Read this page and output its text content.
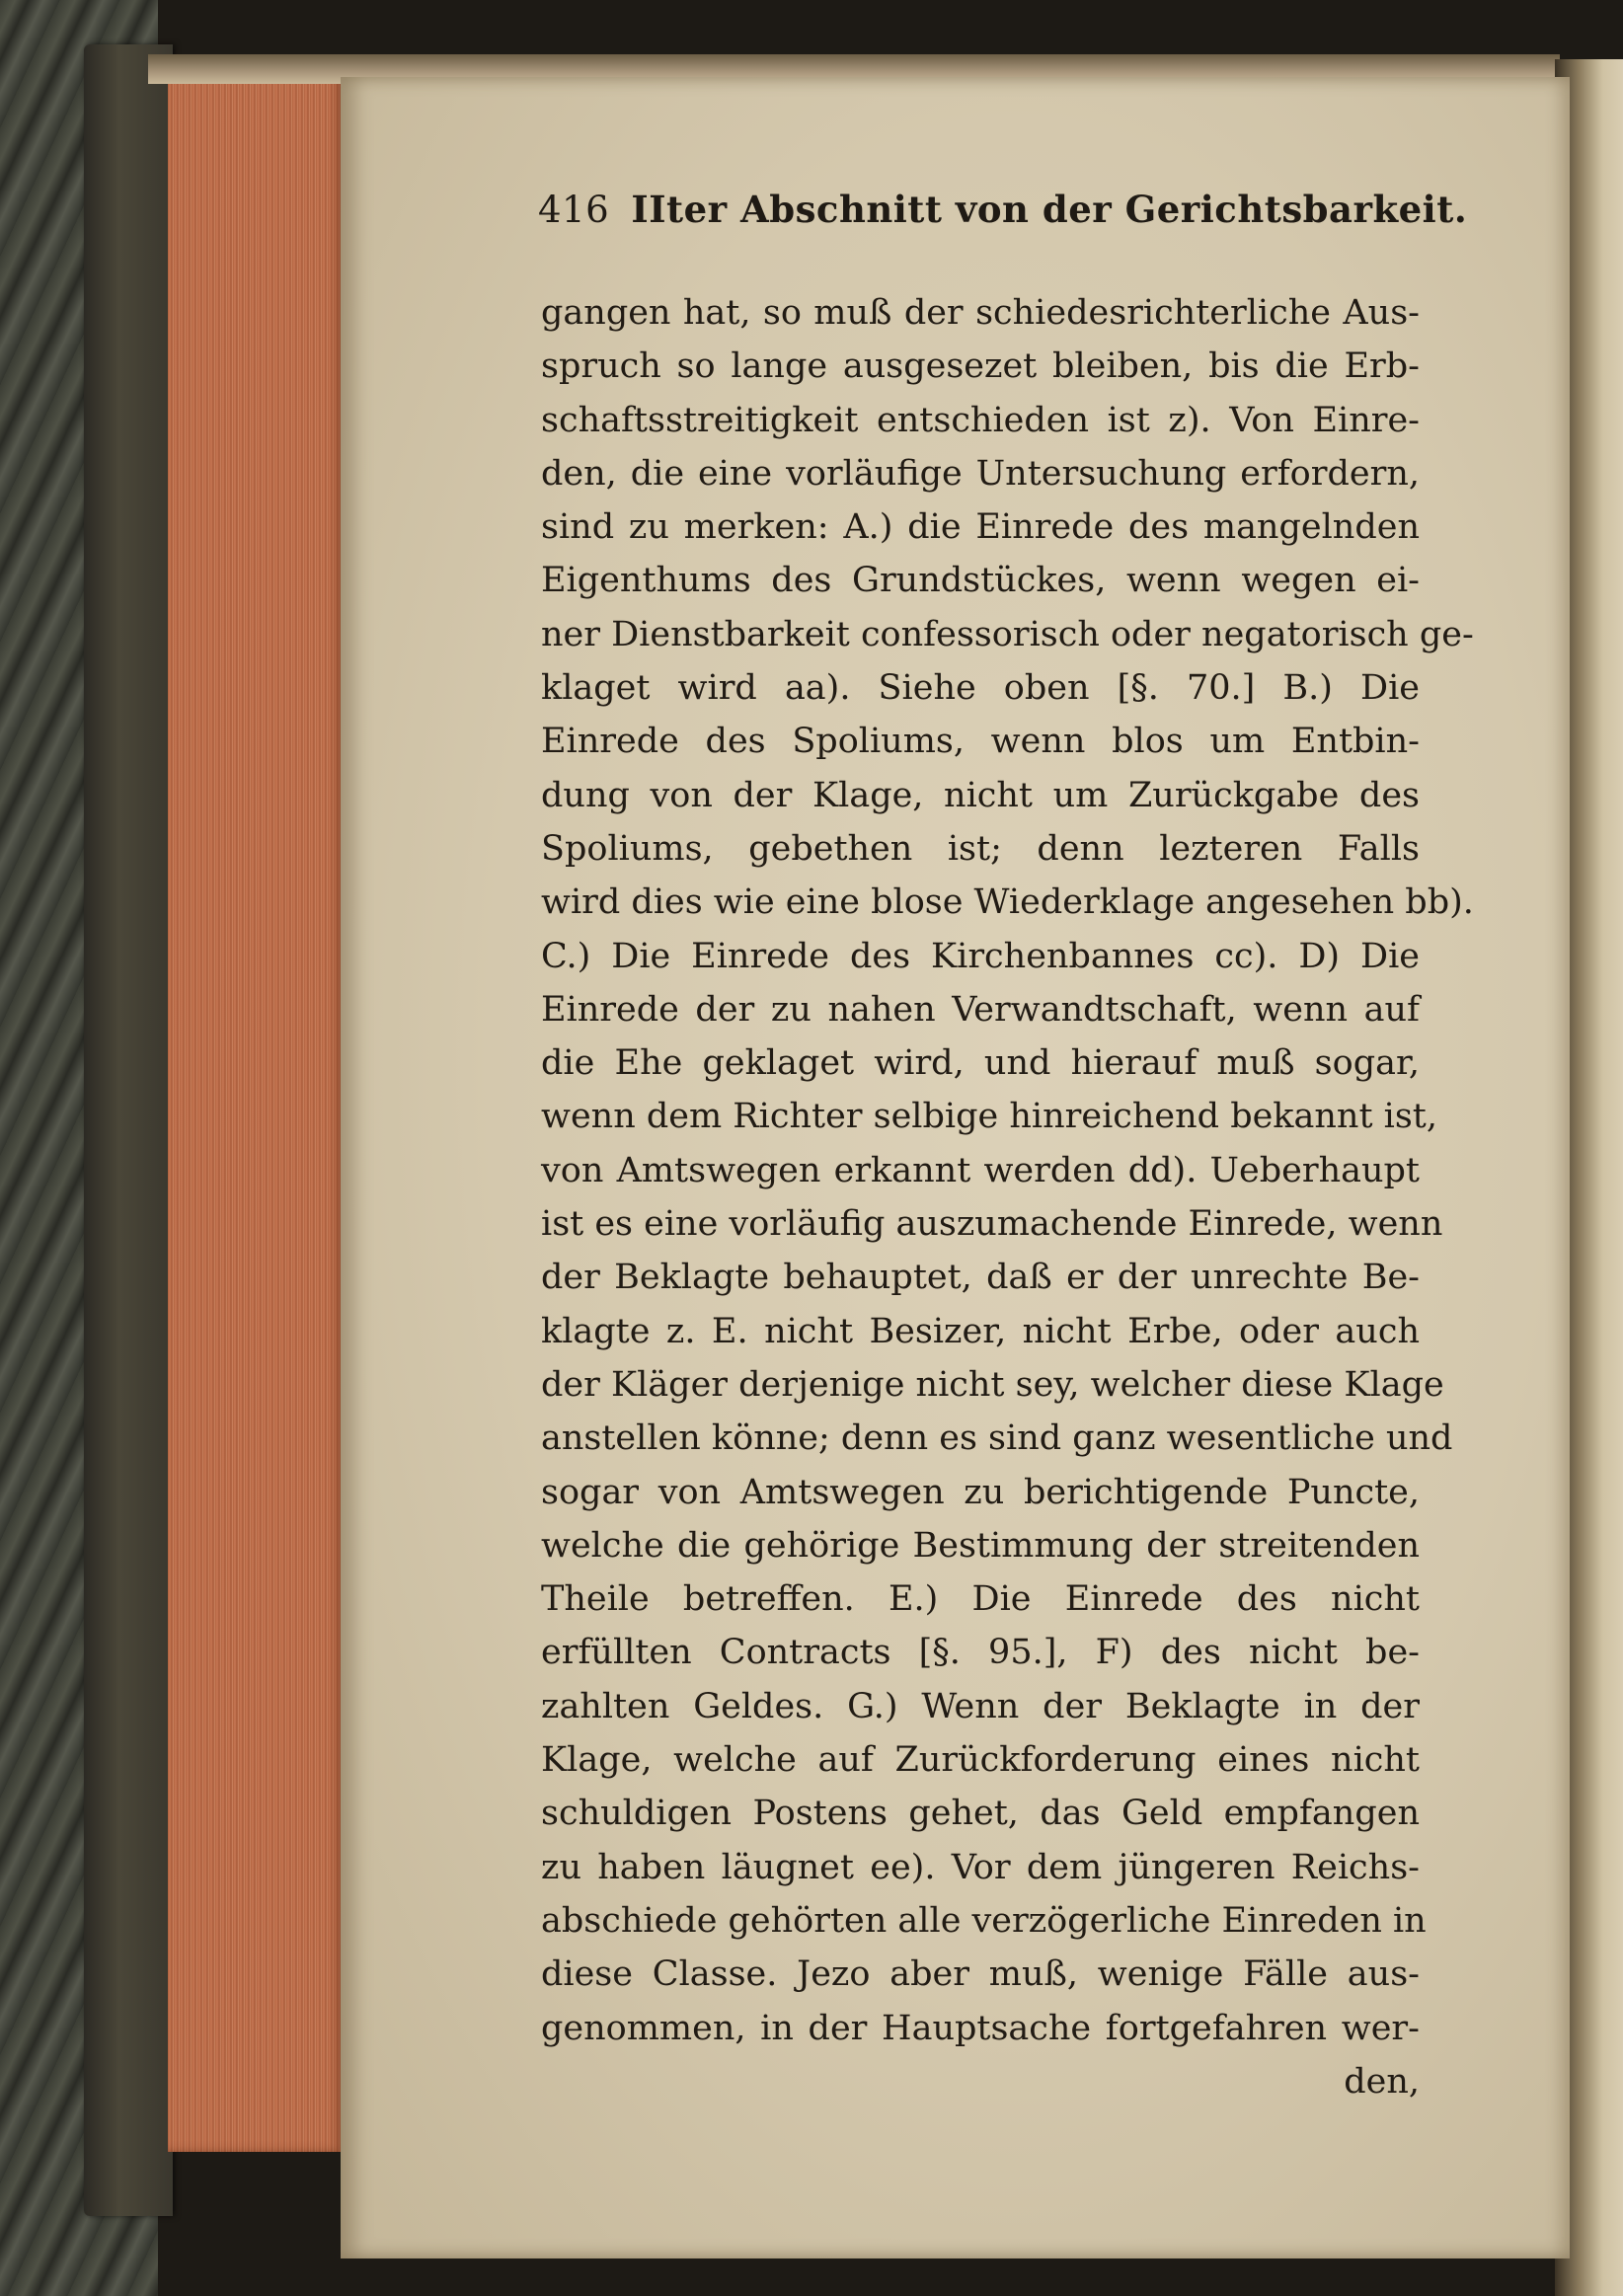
416 IIter Abschnitt von der Gerichtsbarkeit.
gangen hat, so muß der schiedesrichterliche Aus-
spruch so lange ausgesezet bleiben, bis die Erb-
schaftsstreitigkeit entschieden ist z). Von Einre-
den, die eine vorläufige Untersuchung erfordern,
sind zu merken: A.) die Einrede des mangelnden
Eigenthums des Grundstückes, wenn wegen ei-
ner Dienstbarkeit confessorisch oder negatorisch ge-
klaget wird aa). Siehe oben [§. 70.] B.) Die
Einrede des Spoliums, wenn blos um Entbin-
dung von der Klage, nicht um Zurückgabe des
Spoliums, gebethen ist; denn lezteren Falls
wird dies wie eine blose Wiederklage angesehen bb).
C.) Die Einrede des Kirchenbannes cc). D) Die
Einrede der zu nahen Verwandtschaft, wenn auf
die Ehe geklaget wird, und hierauf muß sogar,
wenn dem Richter selbige hinreichend bekannt ist,
von Amtswegen erkannt werden dd). Ueberhaupt
ist es eine vorläufig auszumachende Einrede, wenn
der Beklagte behauptet, daß er der unrechte Be-
klagte z. E. nicht Besizer, nicht Erbe, oder auch
der Kläger derjenige nicht sey, welcher diese Klage
anstellen könne; denn es sind ganz wesentliche und
sogar von Amtswegen zu berichtigende Puncte,
welche die gehörige Bestimmung der streitenden
Theile betreffen. E.) Die Einrede des nicht
erfüllten Contracts [§. 95.], F) des nicht be-
zahlten Geldes. G.) Wenn der Beklagte in der
Klage, welche auf Zurückforderung eines nicht
schuldigen Postens gehet, das Geld empfangen
zu haben läugnet ee). Vor dem jüngeren Reichs-
abschiede gehörten alle verzögerliche Einreden in
diese Classe. Jezo aber muß, wenige Fälle aus-
genommen, in der Hauptsache fortgefahren wer-
den,
